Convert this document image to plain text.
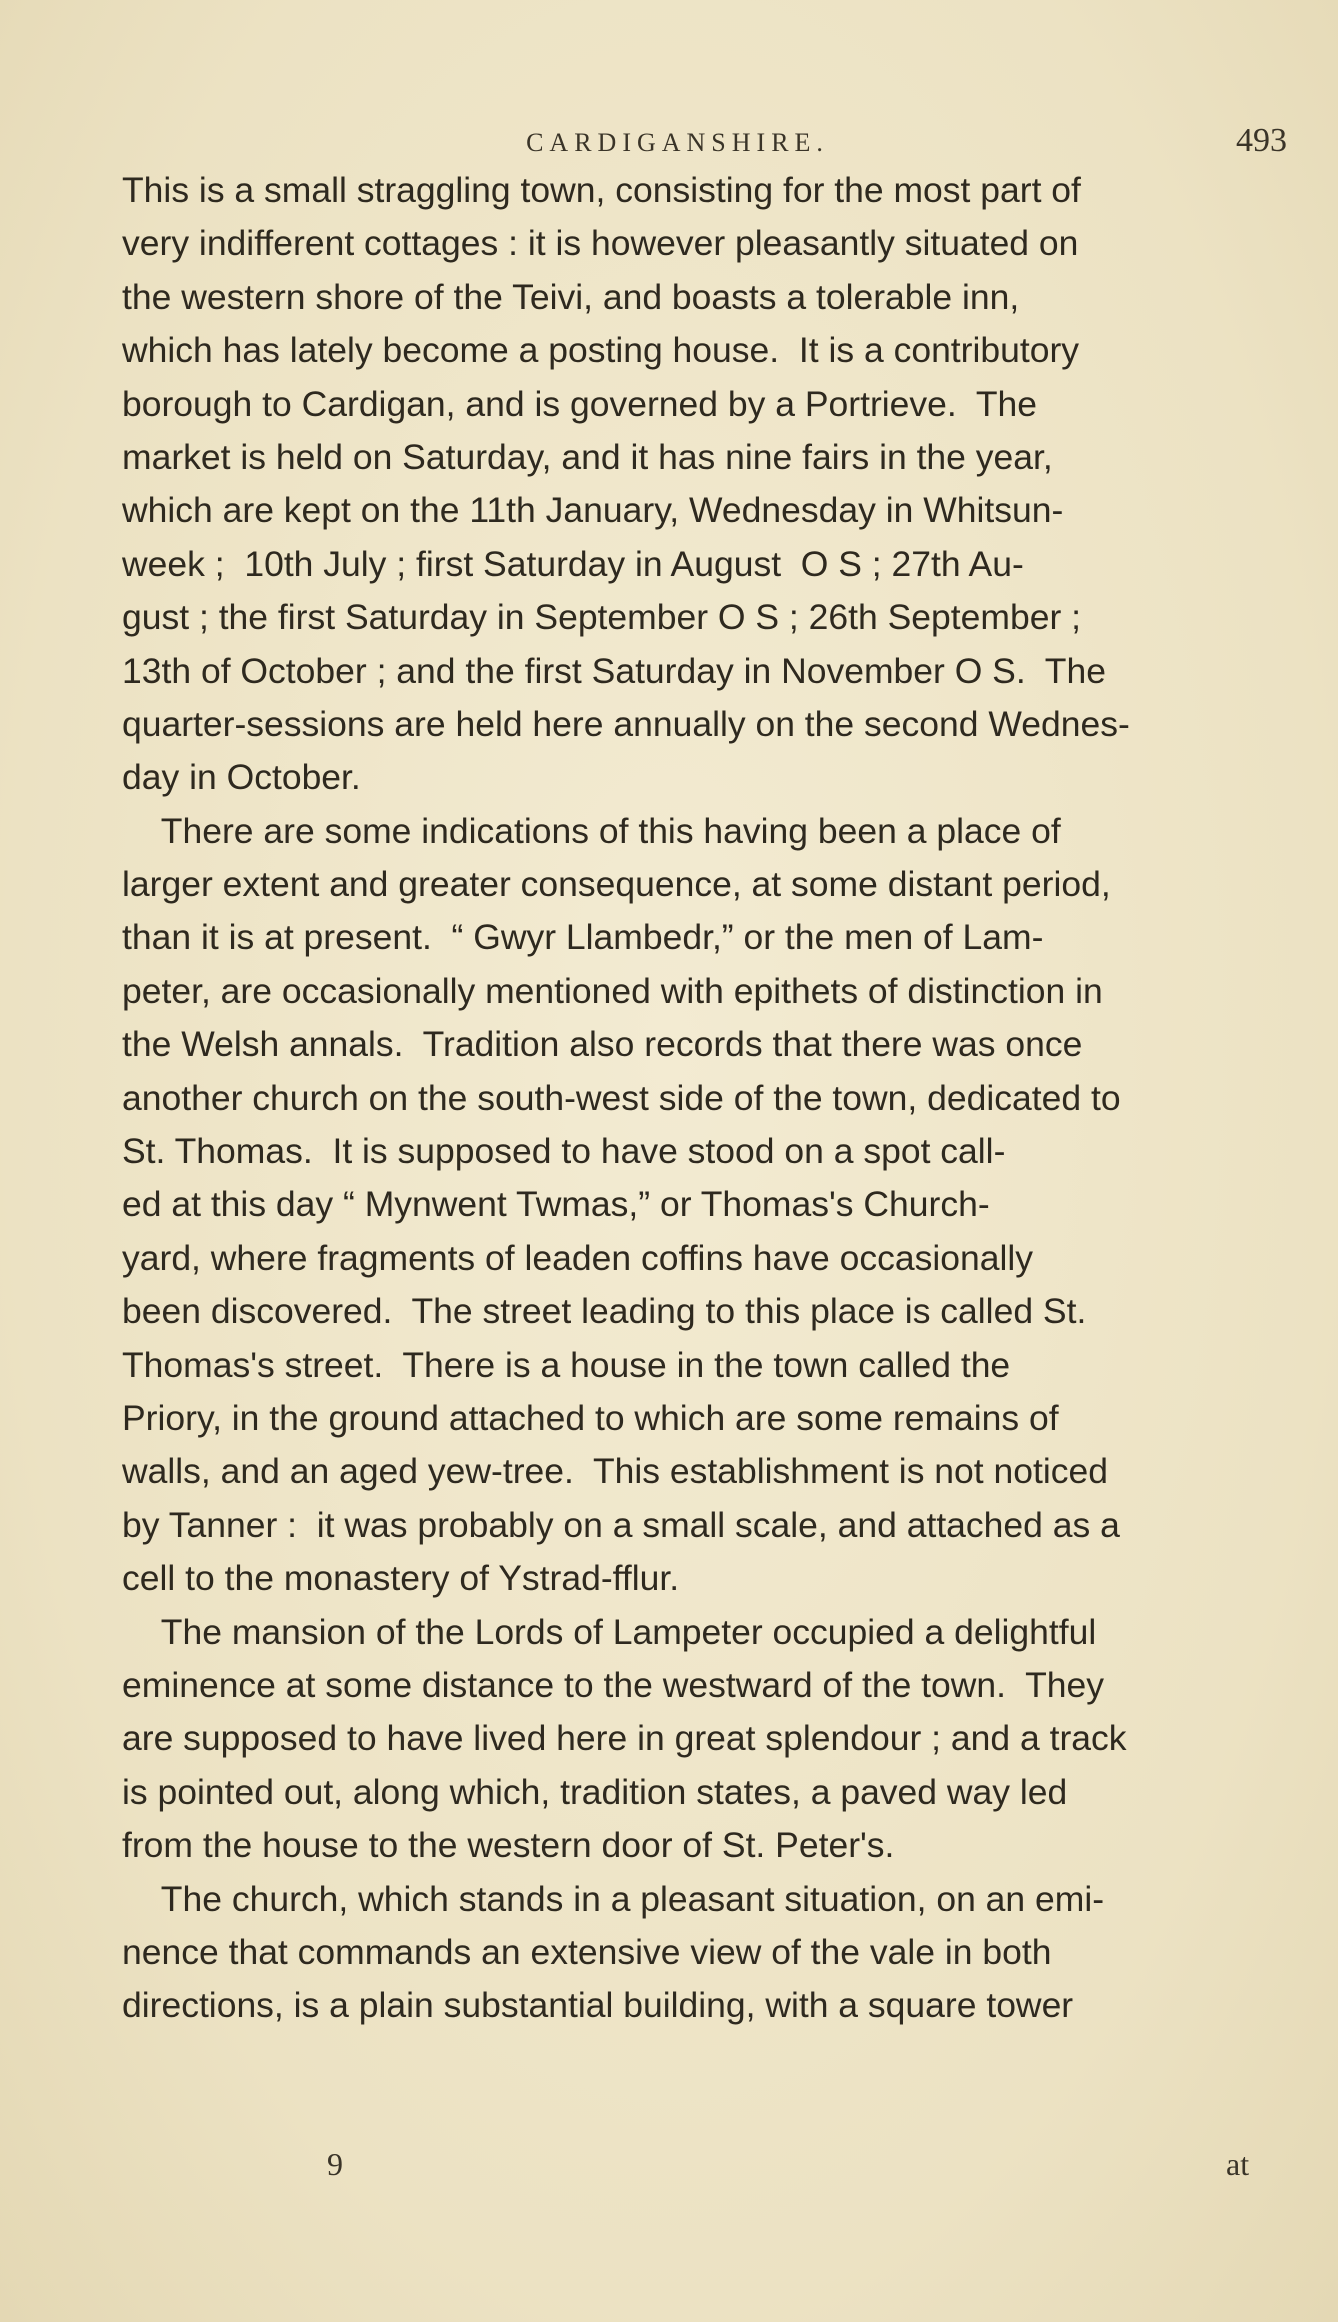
CARDIGANSHIRE.	493
This is a small straggling town, consisting for the most part of
very indifferent cottages : it is however pleasantly situated on
the western shore of the Teivi, and boasts a tolerable inn,
which has lately become a posting house.  It is a contributory
borough to Cardigan, and is governed by a Portrieve.  The
market is held on Saturday, and it has nine fairs in the year,
which are kept on the 11th January, Wednesday in Whitsun-
week ;  10th July ; first Saturday in August  O S ; 27th Au-
gust ; the first Saturday in September O S ; 26th September ;
13th of October ; and the first Saturday in November O S.  The
quarter-sessions are held here annually on the second Wednes-
day in October.
There are some indications of this having been a place of
larger extent and greater consequence, at some distant period,
than it is at present.  “ Gwyr Llambedr,” or the men of Lam-
peter, are occasionally mentioned with epithets of distinction in
the Welsh annals.  Tradition also records that there was once
another church on the south-west side of the town, dedicated to
St. Thomas.  It is supposed to have stood on a spot call-
ed at this day “ Mynwent Twmas,” or Thomas's Church-
yard, where fragments of leaden coffins have occasionally
been discovered.  The street leading to this place is called St.
Thomas's street.  There is a house in the town called the
Priory, in the ground attached to which are some remains of
walls, and an aged yew-tree.  This establishment is not noticed
by Tanner :  it was probably on a small scale, and attached as a
cell to the monastery of Ystrad-fflur.
The mansion of the Lords of Lampeter occupied a delightful
eminence at some distance to the westward of the town.  They
are supposed to have lived here in great splendour ; and a track
is pointed out, along which, tradition states, a paved way led
from the house to the western door of St. Peter's.
The church, which stands in a pleasant situation, on an emi-
nence that commands an extensive view of the vale in both
directions, is a plain substantial building, with a square tower
9	at
